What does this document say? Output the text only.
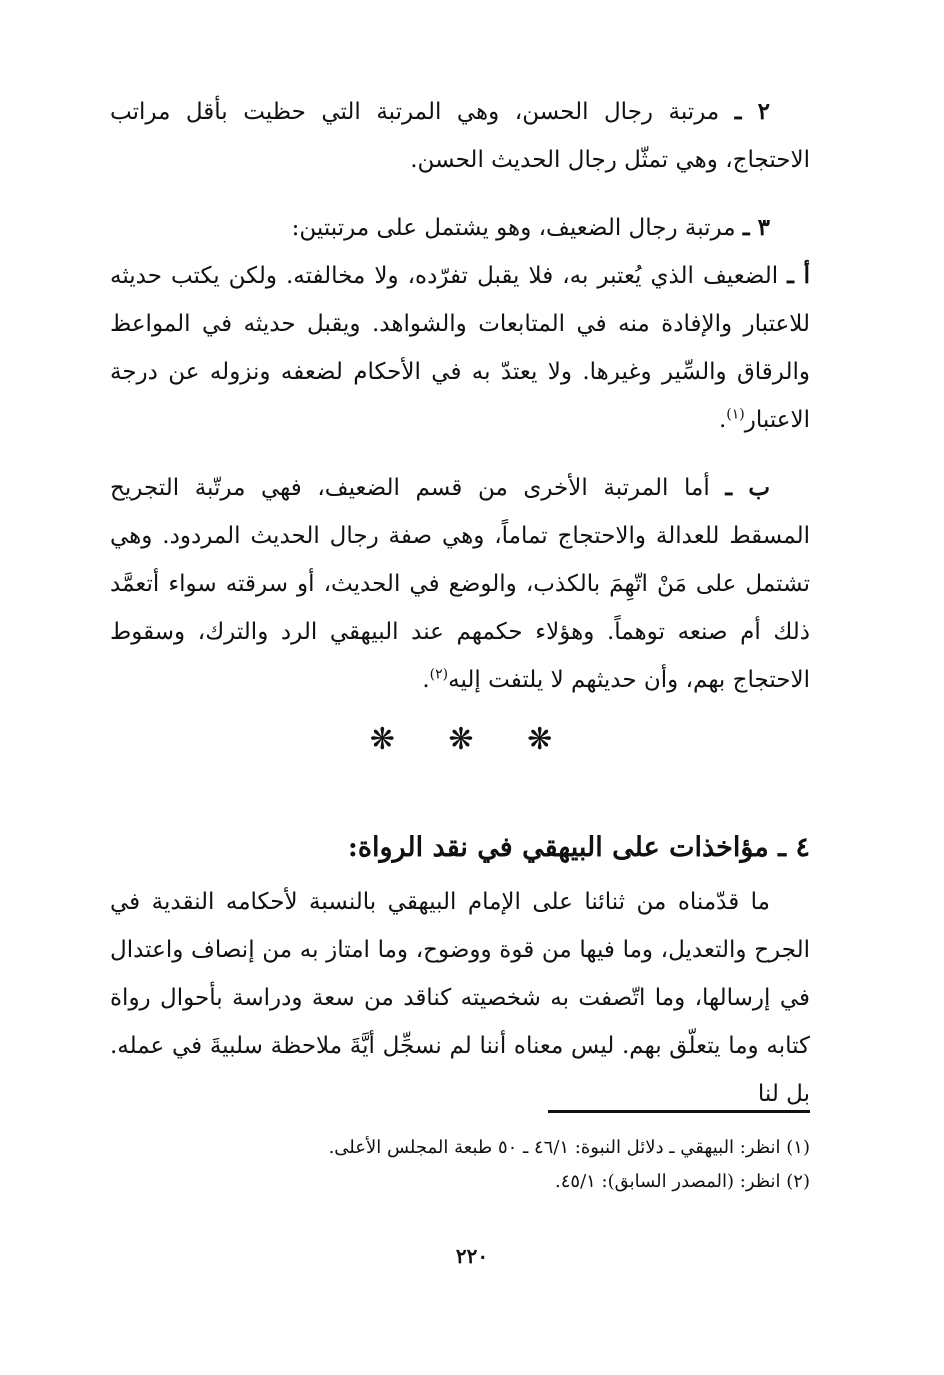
٢ ـ مرتبة رجال الحسن، وهي المرتبة التي حظيت بأقل مراتب الاحتجاج، وهي تمثّل رجال الحديث الحسن.

٣ ـ مرتبة رجال الضعيف، وهو يشتمل على مرتبتين:

أ ـ الضعيف الذي يُعتبر به، فلا يقبل تفرّده، ولا مخالفته. ولكن يكتب حديثه للاعتبار والإفادة منه في المتابعات والشواهد. ويقبل حديثه في المواعظ والرقاق والسِّير وغيرها. ولا يعتدّ به في الأحكام لضعفه ونزوله عن درجة الاعتبار$^{(١)}$.

ب ـ أما المرتبة الأخرى من قسم الضعيف، فهي مرتّبة التجريح المسقط للعدالة والاحتجاج تماماً، وهي صفة رجال الحديث المردود. وهي تشتمل على مَنْ اتّهِمَ بالكذب، والوضع في الحديث، أو سرقته سواء أتعمَّد ذلك أم صنعه توهماً. وهؤلاء حكمهم عند البيهقي الرد والترك، وسقوط الاحتجاج بهم، وأن حديثهم لا يلتفت إليه$^{(٢)}$.

❋ ❋ ❋
٤ ـ مؤاخذات على البيهقي في نقد الرواة:

ما قدّمناه من ثنائنا على الإمام البيهقي بالنسبة لأحكامه النقدية في الجرح والتعديل، وما فيها من قوة ووضوح، وما امتاز به من إنصاف واعتدال في إرسالها، وما اتّصفت به شخصيته كناقد من سعة ودراسة بأحوال رواة كتابه وما يتعلّق بهم. ليس معناه أننا لم نسجِّل أيَّةَ ملاحظة سلبيةَ في عمله. بل لنا

(١) انظر: البيهقي ـ دلائل النبوة: ٤٦/١ ـ ٥٠ طبعة المجلس الأعلى.
(٢) انظر: (المصدر السابق): ٤٥/١.
٢٢٠
